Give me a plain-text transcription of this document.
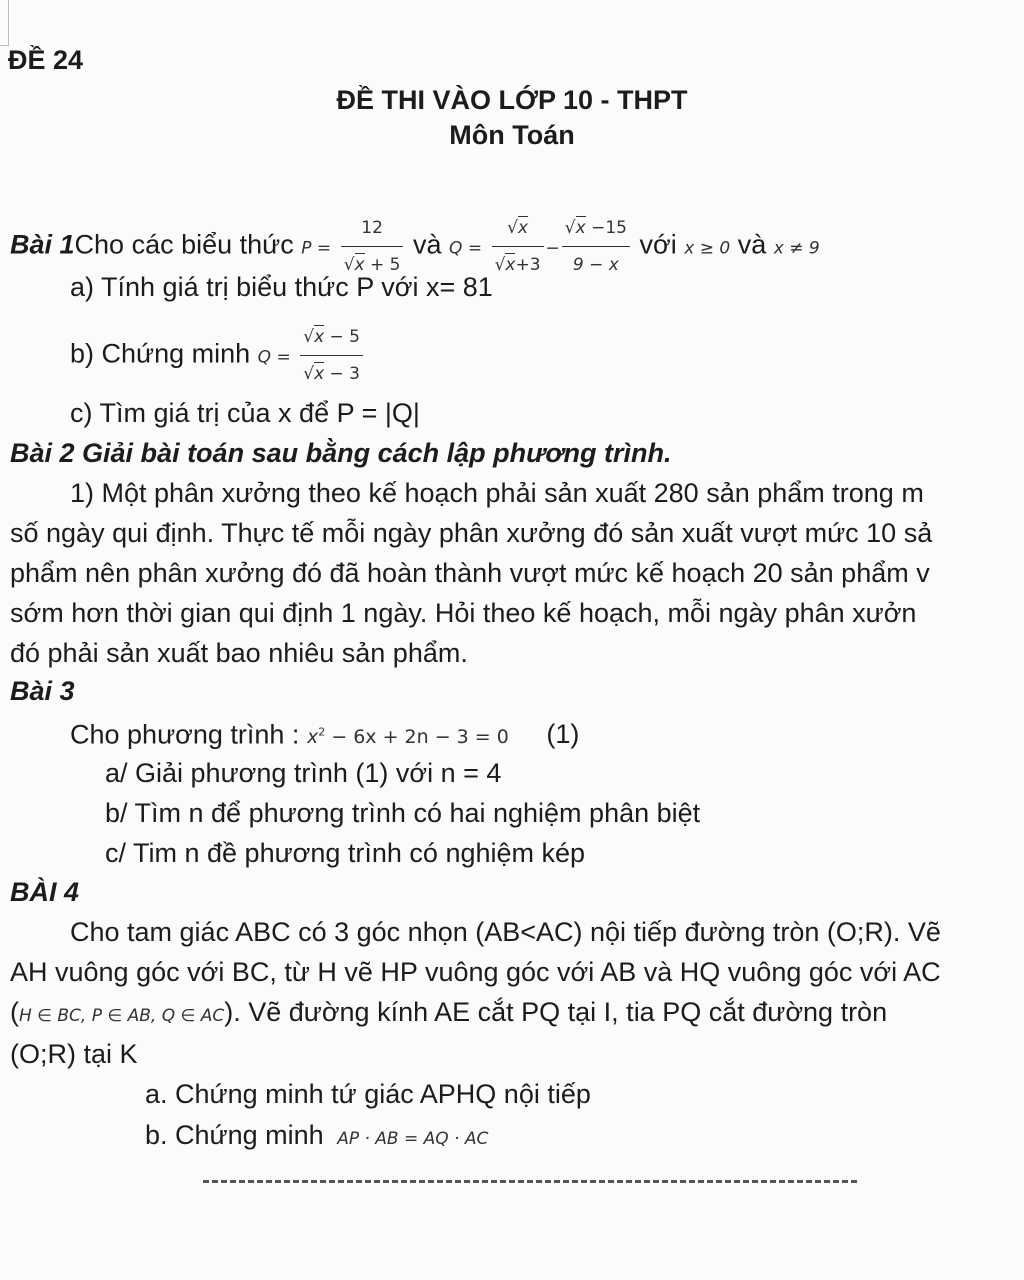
ĐỀ 24
ĐỀ THI VÀO LỚP 10 - THPT
Môn Toán
Bài 1Cho các biểu thức $P = \frac{12}{√x + 5}$ và $Q = \frac{√x}{√x+3} - \frac{√x -15}{9 - x}$ với x ≥ 0 và x ≠ 9
a) Tính giá trị biểu thức P với x= 81
b) Chứng minh $Q = \frac{√x - 5}{√x - 3}$
c) Tìm giá trị của x để P = |Q|
Bài 2 Giải bài toán sau bằng cách lập phương trình.
1) Một phân xưởng theo kế hoạch phải sản xuất 280 sản phẩm trong m
số ngày qui định. Thực tế mỗi ngày phân xưởng đó sản xuất vượt mức 10 sả
phẩm nên phân xưởng đó đã hoàn thành vượt mức kế hoạch 20 sản phẩm v
sớm hơn thời gian qui định 1 ngày. Hỏi theo kế hoạch, mỗi ngày phân xưởn
đó phải sản xuất bao nhiêu sản phẩm.
Bài 3
Cho phương trình : $x^2 - 6x + 2n - 3 = 0$ (1)
a/ Giải phương trình (1) với n = 4
b/ Tìm n để phương trình có hai nghiệm phân biệt
c/ Tim n đề phương trình có nghiệm kép
BÀI 4
Cho tam giác ABC có 3 góc nhọn (AB<AC) nội tiếp đường tròn (O;R). Vẽ
AH vuông góc với BC, từ H vẽ HP vuông góc với AB và HQ vuông góc với AC
(H ∈ BC, P ∈ AB, Q ∈ AC). Vẽ đường kính AE cắt PQ tại I, tia PQ cắt đường tròn
(O;R) tại K
a. Chứng minh tứ giác APHQ nội tiếp
b. Chứng minh AP · AB = AQ · AC
